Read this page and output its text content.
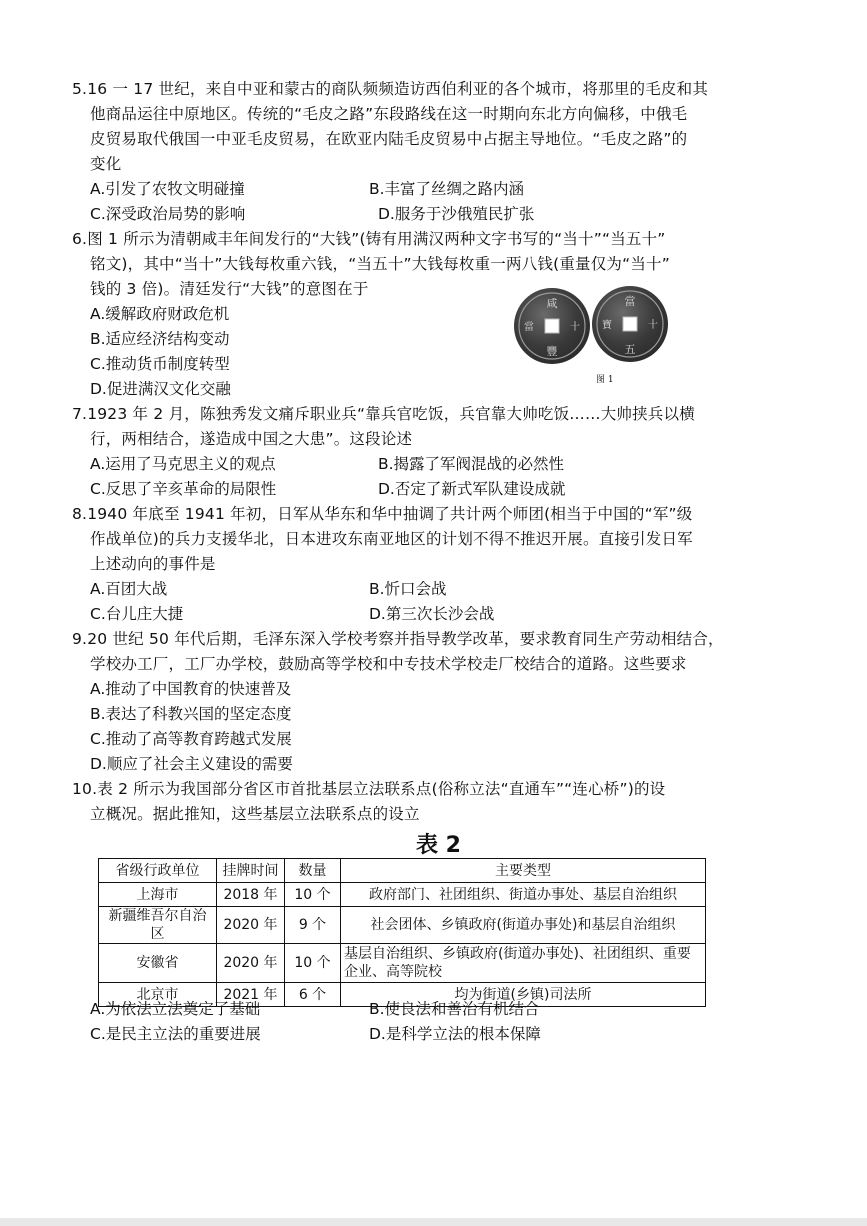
5.16 一 17 世纪，来自中亚和蒙古的商队频频造访西伯利亚的各个城市，将那里的毛皮和其
他商品运往中原地区。传统的“毛皮之路”东段路线在这一时期向东北方向偏移，中俄毛
皮贸易取代俄国一中亚毛皮贸易，在欧亚内陆毛皮贸易中占据主导地位。“毛皮之路”的
变化
A.引发了农牧文明碰撞	B.丰富了丝绸之路内涵
C.深受政治局势的影响	D.服务于沙俄殖民扩张
6.图 1 所示为清朝咸丰年间发行的“大钱”(铸有用满汉两种文字书写的“当十”“当五十”
铭文)，其中“当十”大钱每枚重六钱，“当五十”大钱每枚重一两八钱(重量仅为“当十”
钱的 3 倍)。清廷发行“大钱”的意图在于
A.缓解政府财政危机
B.适应经济结构变动
C.推动货币制度转型
D.促进满汉文化交融
咸
豐
當	十
當
五
寶	十
图 1
7.1923 年 2 月，陈独秀发文痛斥职业兵“靠兵官吃饭，兵官靠大帅吃饭……大帅挟兵以横
行，两相结合，遂造成中国之大患”。这段论述
A.运用了马克思主义的观点	B.揭露了军阀混战的必然性
C.反思了辛亥革命的局限性	D.否定了新式军队建设成就
8.1940 年底至 1941 年初，日军从华东和华中抽调了共计两个师团(相当于中国的“军”级
作战单位)的兵力支援华北，日本进攻东南亚地区的计划不得不推迟开展。直接引发日军
上述动向的事件是
A.百团大战	B.忻口会战
C.台儿庄大捷	D.第三次长沙会战
9.20 世纪 50 年代后期，毛泽东深入学校考察并指导教学改革，要求教育同生产劳动相结合，
学校办工厂，工厂办学校，鼓励高等学校和中专技术学校走厂校结合的道路。这些要求
A.推动了中国教育的快速普及
B.表达了科教兴国的坚定态度
C.推动了高等教育跨越式发展
D.顺应了社会主义建设的需要
10.表 2 所示为我国部分省区市首批基层立法联系点(俗称立法“直通车”“连心桥”)的设
立概况。据此推知，这些基层立法联系点的设立
表 2
省级行政单位	挂牌时间	数量	主要类型
上海市	2018 年	10 个	政府部门、社团组织、街道办事处、基层自治组织
新疆维吾尔自治区	2020 年	9 个	社会团体、乡镇政府(街道办事处)和基层自治组织
安徽省	2020 年	10 个	基层自治组织、乡镇政府(街道办事处)、社团组织、重要企业、高等院校
北京市	2021 年	6 个	均为街道(乡镇)司法所
A.为依法立法奠定了基础	B.使良法和善治有机结合
C.是民主立法的重要进展	D.是科学立法的根本保障
